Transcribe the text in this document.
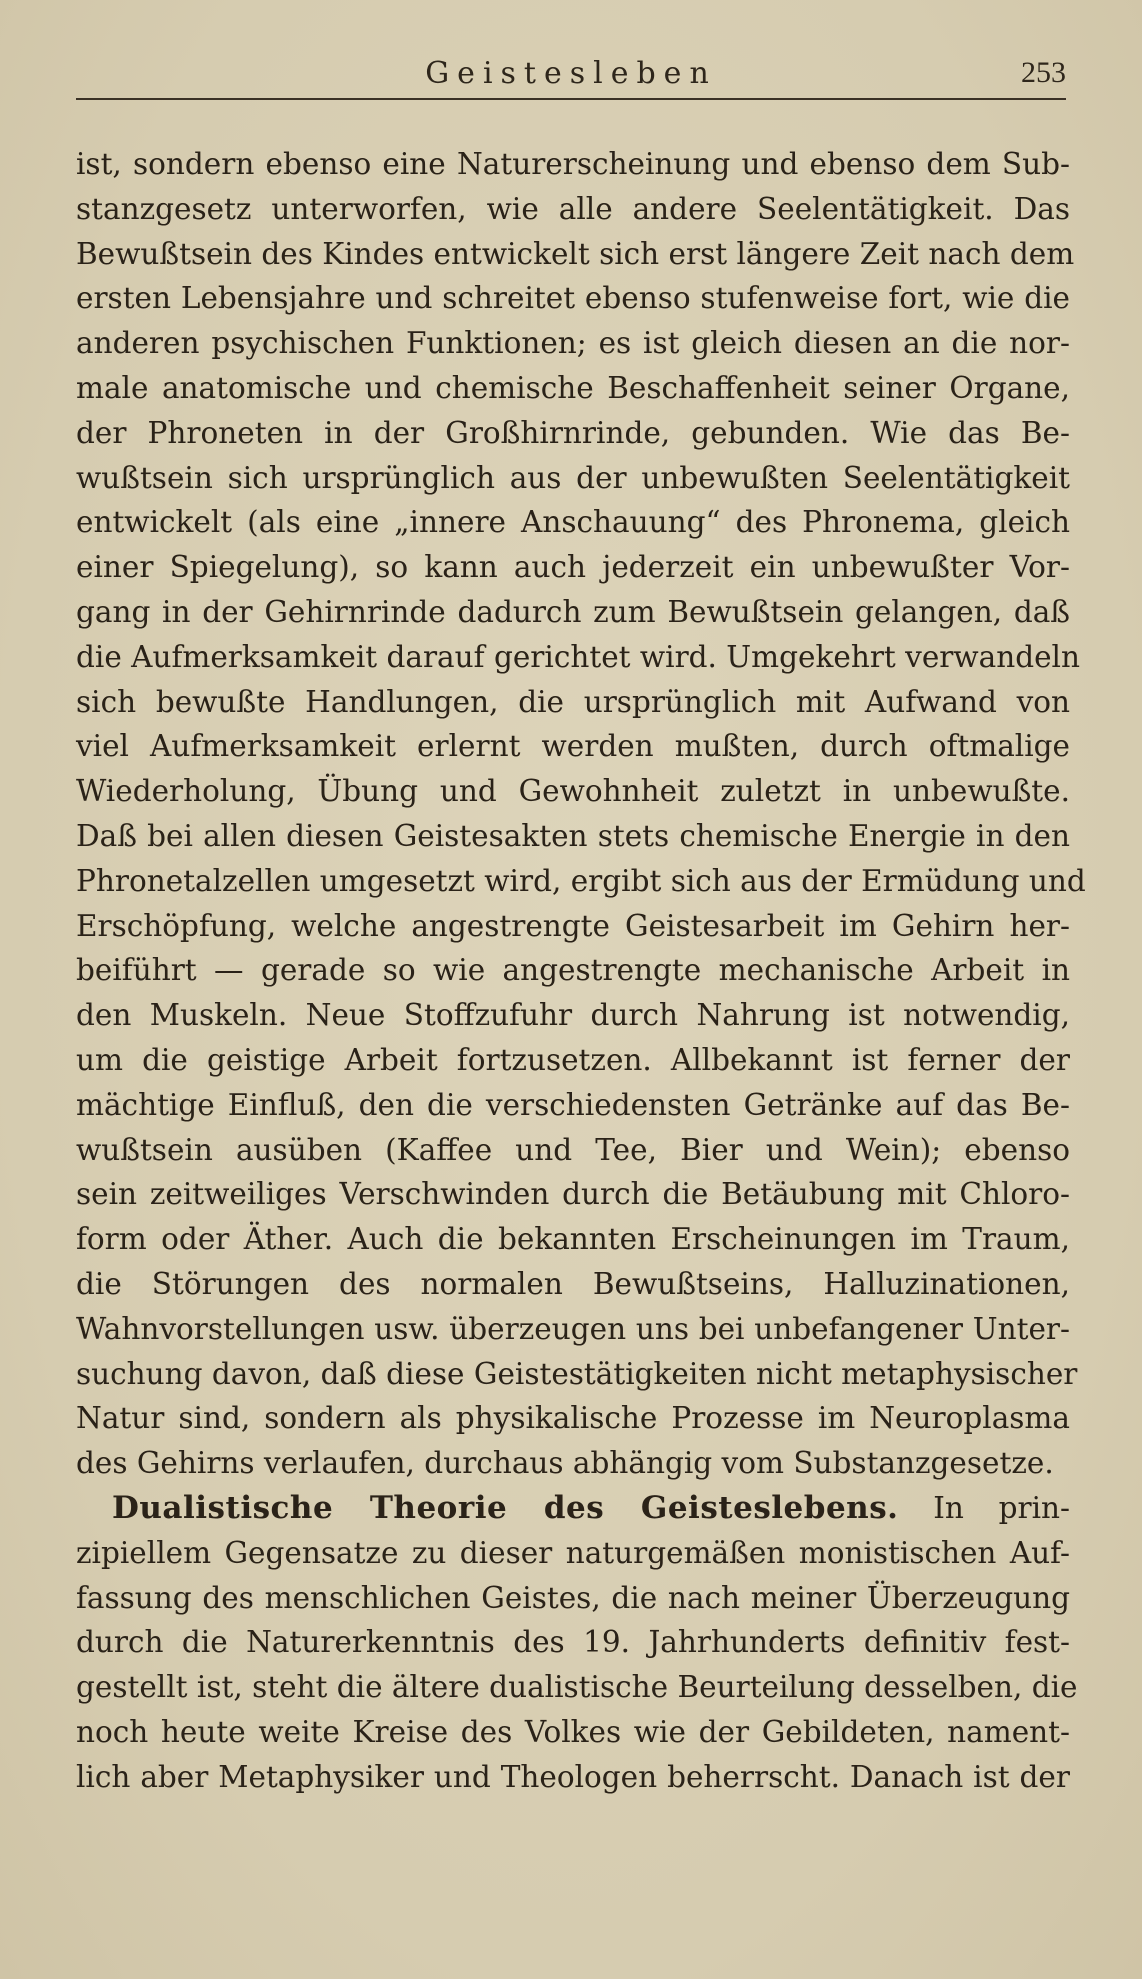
Geistesleben	253
ist, sondern ebenso eine Naturerscheinung und ebenso dem Sub-
stanzgesetz unterworfen, wie alle andere Seelentätigkeit. Das
Bewußtsein des Kindes entwickelt sich erst längere Zeit nach dem
ersten Lebensjahre und schreitet ebenso stufenweise fort, wie die
anderen psychischen Funktionen; es ist gleich diesen an die nor-
male anatomische und chemische Beschaffenheit seiner Organe,
der Phroneten in der Großhirnrinde, gebunden. Wie das Be-
wußtsein sich ursprünglich aus der unbewußten Seelentätigkeit
entwickelt (als eine „innere Anschauung“ des Phronema, gleich
einer Spiegelung), so kann auch jederzeit ein unbewußter Vor-
gang in der Gehirnrinde dadurch zum Bewußtsein gelangen, daß
die Aufmerksamkeit darauf gerichtet wird. Umgekehrt verwandeln
sich bewußte Handlungen, die ursprünglich mit Aufwand von
viel Aufmerksamkeit erlernt werden mußten, durch oftmalige
Wiederholung, Übung und Gewohnheit zuletzt in unbewußte.
Daß bei allen diesen Geistesakten stets chemische Energie in den
Phronetalzellen umgesetzt wird, ergibt sich aus der Ermüdung und
Erschöpfung, welche angestrengte Geistesarbeit im Gehirn her-
beiführt — gerade so wie angestrengte mechanische Arbeit in
den Muskeln. Neue Stoffzufuhr durch Nahrung ist notwendig,
um die geistige Arbeit fortzusetzen. Allbekannt ist ferner der
mächtige Einfluß, den die verschiedensten Getränke auf das Be-
wußtsein ausüben (Kaffee und Tee, Bier und Wein); ebenso
sein zeitweiliges Verschwinden durch die Betäubung mit Chloro-
form oder Äther. Auch die bekannten Erscheinungen im Traum,
die Störungen des normalen Bewußtseins, Halluzinationen,
Wahnvorstellungen usw. überzeugen uns bei unbefangener Unter-
suchung davon, daß diese Geistestätigkeiten nicht metaphysischer
Natur sind, sondern als physikalische Prozesse im Neuroplasma
des Gehirns verlaufen, durchaus abhängig vom Substanzgesetze.
Dualistische Theorie des Geisteslebens. In prin-
zipiellem Gegensatze zu dieser naturgemäßen monistischen Auf-
fassung des menschlichen Geistes, die nach meiner Überzeugung
durch die Naturerkenntnis des 19. Jahrhunderts definitiv fest-
gestellt ist, steht die ältere dualistische Beurteilung desselben, die
noch heute weite Kreise des Volkes wie der Gebildeten, nament-
lich aber Metaphysiker und Theologen beherrscht. Danach ist der
